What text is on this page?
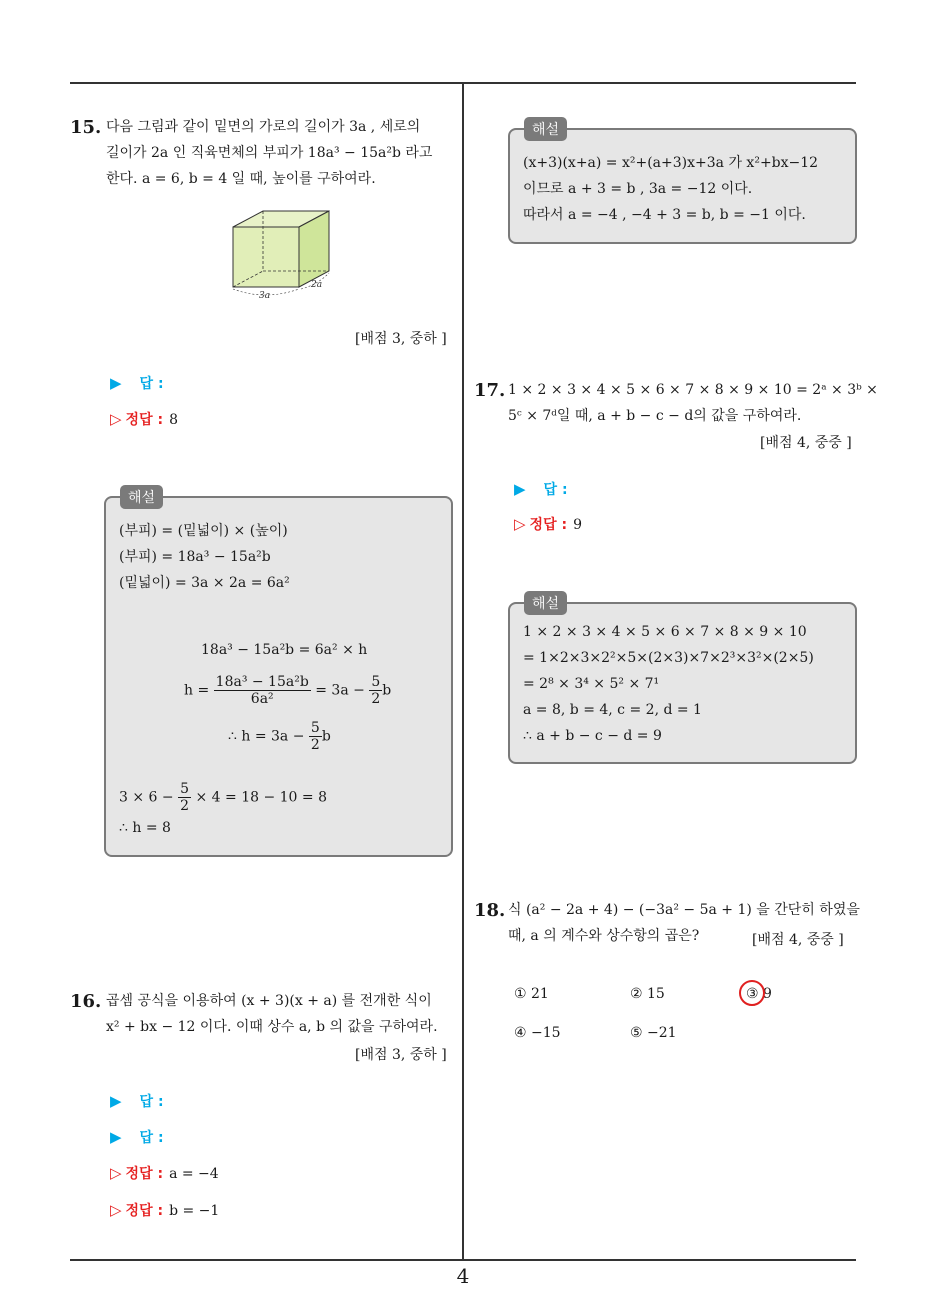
4
15. 다음 그림과 같이 밑면의 가로의 길이가 3a , 세로의
길이가 2a 인 직육면체의 부피가 18a³ − 15a²b 라고
한다. a = 6, b = 4 일 때, 높이를 구하여라.
3a
2a
[배점 3, 중하 ]
▶ 답 :
▷ 정답 : 8
해설
(부피) = (밑넓이) × (높이)
(부피) = 18a³ − 15a²b
(밑넓이) = 3a × 2a = 6a²
18a³ − 15a²b = 6a² × h
$h = \frac{\text{18a³ − 15a²b}}{\text{6a²}} = 3a - \frac{5}{2}$ b
∴ $h = 3a - \frac{5}{2}$ b
$3 \times 6 - \frac{5}{2} \times 4 = 18 - 10 = 8$
∴ h = 8
16. 곱셈 공식을 이용하여 (x + 3)(x + a) 를 전개한 식이
x² + bx − 12 이다. 이때 상수 a, b 의 값을 구하여라.
[배점 3, 중하 ]
▶ 답 :
▶ 답 :
▷ 정답 : a = −4
▷ 정답 : b = −1
해설
(x+3)(x+a) = x²+(a+3)x+3a 가 x²+bx−12
이므로 a + 3 = b , 3a = −12 이다.
따라서 a = −4 , −4 + 3 = b, b = −1 이다.
17. 1 × 2 × 3 × 4 × 5 × 6 × 7 × 8 × 9 × 10 = 2ᵃ × 3ᵇ ×
5ᶜ × 7ᵈ일 때, a + b − c − d의 값을 구하여라.
[배점 4, 중중 ]
▶ 답 :
▷ 정답 : 9
해설
1 × 2 × 3 × 4 × 5 × 6 × 7 × 8 × 9 × 10
= 1×2×3×2²×5×(2×3)×7×2³×3²×(2×5)
= 2⁸ × 3⁴ × 5² × 7¹
a = 8, b = 4, c = 2, d = 1
∴ a + b − c − d = 9
18. 식 (a² − 2a + 4) − (−3a² − 5a + 1) 을 간단히 하였을
때, a 의 계수와 상수항의 곱은?	[배점 4, 중중 ]
① 21	② 15	③ 9
④ −15	⑤ −21
